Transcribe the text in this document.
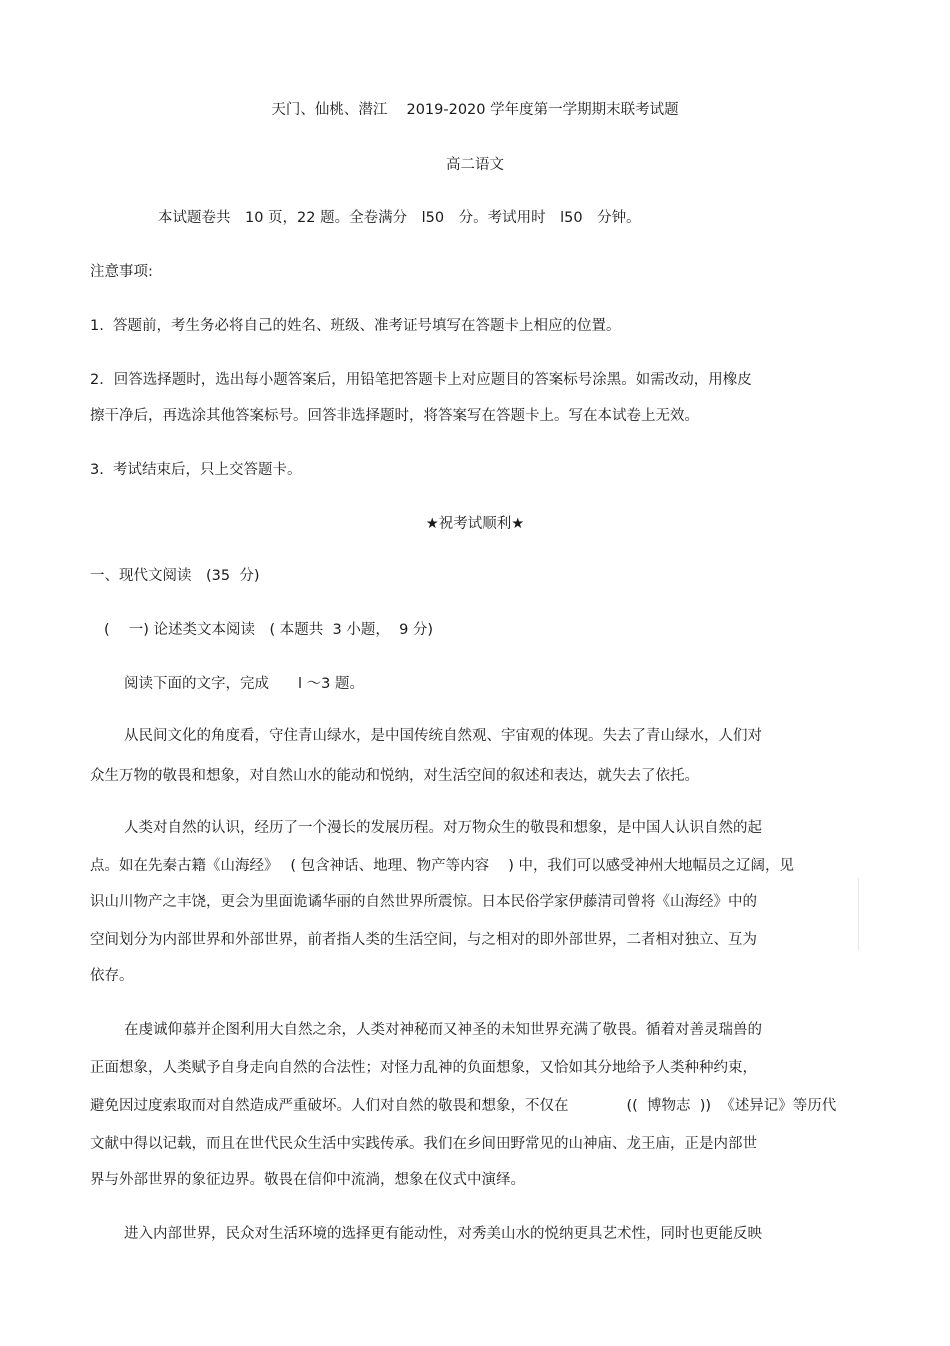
天门、仙桃、潜江　 2019-2020 学年度第一学期期末联考试题
高二语文
本试题卷共　10 页，22 题。全卷满分　l50　分。考试用时　l50　分钟。
注意事项:
1.  答题前，考生务必将自己的姓名、班级、准考证号填写在答题卡上相应的位置。
2．回答选择题时，选出每小题答案后，用铅笔把答题卡上对应题目的答案标号涂黑。如需改动，用橡皮
擦干净后，再选涂其他答案标号。回答非选择题时，将答案写在答题卡上。写在本试卷上无效。
3.  考试结束后，只上交答题卡。
★祝考试顺利★
一、现代文阅读　(35  分)
(　 一) 论述类文本阅读　( 本题共  3 小题，  9 分)
阅读下面的文字，完成　　l ～3 题。
从民间文化的角度看，守住青山绿水，是中国传统自然观、宇宙观的体现。失去了青山绿水，人们对
众生万物的敬畏和想象，对自然山水的能动和悦纳，对生活空间的叙述和表达，就失去了依托。
人类对自然的认识，经历了一个漫长的发展历程。对万物众生的敬畏和想象，是中国人认识自然的起
点。如在先秦古籍《山海经》　 ( 包含神话、地理、物产等内容　 ) 中，我们可以感受神州大地幅员之辽阔，见
识山川物产之丰饶，更会为里面诡谲华丽的自然世界所震惊。日本民俗学家伊藤清司曾将《山海经》中的
空间划分为内部世界和外部世界，前者指人类的生活空间，与之相对的即外部世界，二者相对独立、互为
依存。
在虔诚仰慕并企图利用大自然之余，人类对神秘而又神圣的未知世界充满了敬畏。循着对善灵瑞兽的
正面想象，人类赋予自身走向自然的合法性；对怪力乱神的负面想象，又恰如其分地给予人类种种约束，
避免因过度索取而对自然造成严重破坏。人们对自然的敬畏和想象，不仅在　　　　((  博物志  ))  《述异记》等历代
文献中得以记载，而且在世代民众生活中实践传承。我们在乡间田野常见的山神庙、龙王庙，正是内部世
界与外部世界的象征边界。敬畏在信仰中流淌，想象在仪式中演绎。
进入内部世界，民众对生活环境的选择更有能动性，对秀美山水的悦纳更具艺术性，同时也更能反映
